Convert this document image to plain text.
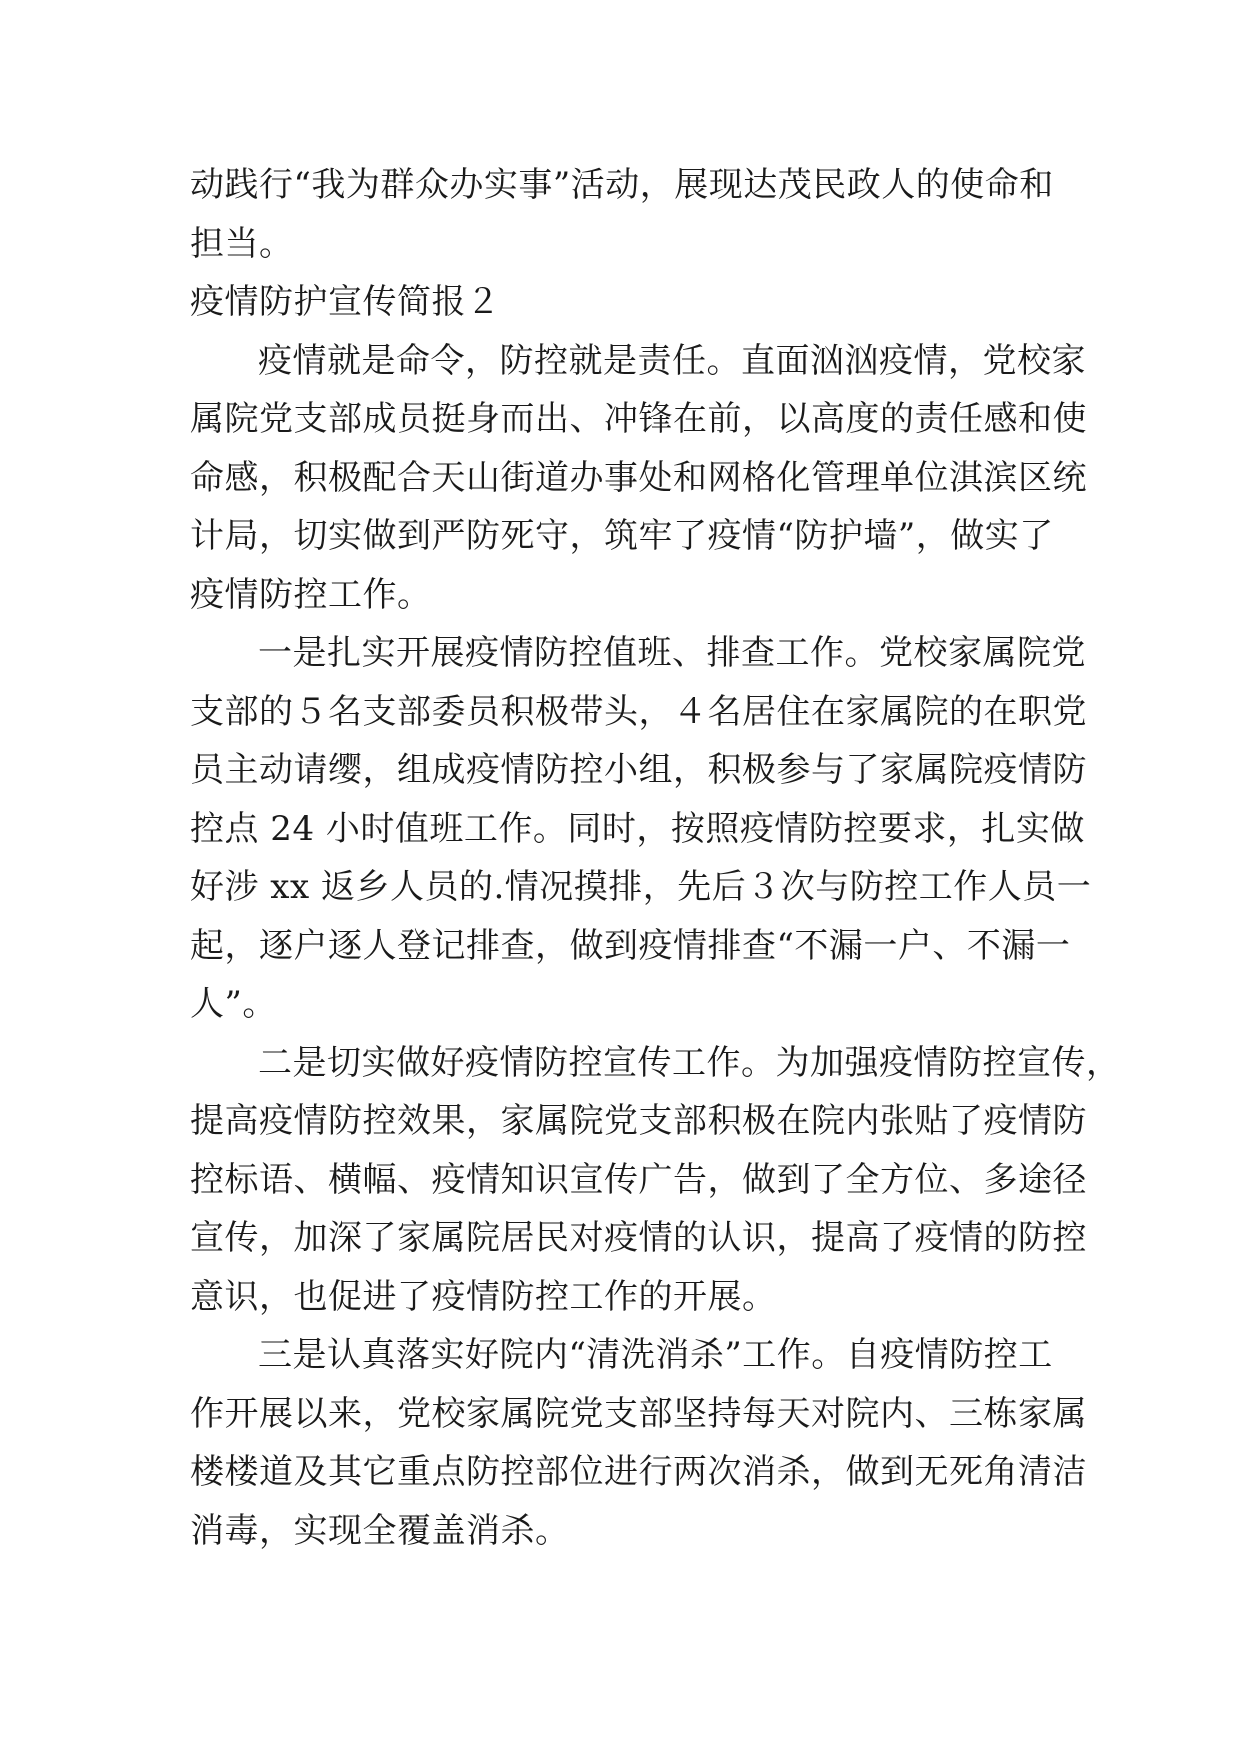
动践行“我为群众办实事”活动，展现达茂民政人的使命和
担当。
疫情防护宣传简报２
疫情就是命令，防控就是责任。直面汹汹疫情，党校家
属院党支部成员挺身而出、冲锋在前，以高度的责任感和使
命感，积极配合天山街道办事处和网格化管理单位淇滨区统
计局，切实做到严防死守，筑牢了疫情“防护墙”，做实了
疫情防控工作。
一是扎实开展疫情防控值班、排查工作。党校家属院党
支部的５名支部委员积极带头，４名居住在家属院的在职党
员主动请缨，组成疫情防控小组，积极参与了家属院疫情防
控点 24 小时值班工作。同时，按照疫情防控要求，扎实做
好涉 xx 返乡人员的.情况摸排，先后３次与防控工作人员一
起，逐户逐人登记排查，做到疫情排查“不漏一户、不漏一
人”。
二是切实做好疫情防控宣传工作。为加强疫情防控宣传，
提高疫情防控效果，家属院党支部积极在院内张贴了疫情防
控标语、横幅、疫情知识宣传广告，做到了全方位、多途径
宣传，加深了家属院居民对疫情的认识，提高了疫情的防控
意识，也促进了疫情防控工作的开展。
三是认真落实好院内“清洗消杀”工作。自疫情防控工
作开展以来，党校家属院党支部坚持每天对院内、三栋家属
楼楼道及其它重点防控部位进行两次消杀，做到无死角清洁
消毒，实现全覆盖消杀。
